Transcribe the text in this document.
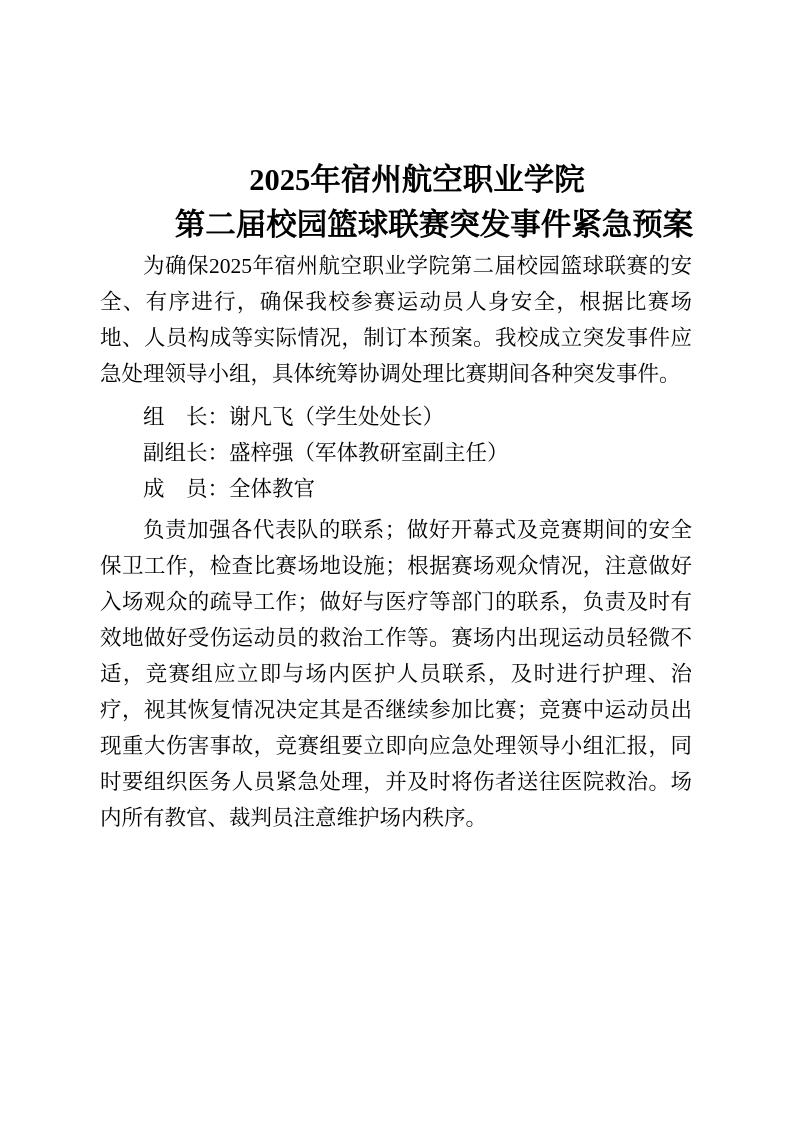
2025年宿州航空职业学院
第二届校园篮球联赛突发事件紧急预案

为确保2025年宿州航空职业学院第二届校园篮球联赛的安全、有序进行，确保我校参赛运动员人身安全，根据比赛场地、人员构成等实际情况，制订本预案。我校成立突发事件应急处理领导小组，具体统筹协调处理比赛期间各种突发事件。

组　长：谢凡飞（学生处处长）

副组长：盛梓强（军体教研室副主任）

成　员：全体教官

负责加强各代表队的联系；做好开幕式及竞赛期间的安全保卫工作，检查比赛场地设施；根据赛场观众情况，注意做好入场观众的疏导工作；做好与医疗等部门的联系，负责及时有效地做好受伤运动员的救治工作等。赛场内出现运动员轻微不适，竞赛组应立即与场内医护人员联系，及时进行护理、治疗，视其恢复情况决定其是否继续参加比赛；竞赛中运动员出现重大伤害事故，竞赛组要立即向应急处理领导小组汇报，同时要组织医务人员紧急处理，并及时将伤者送往医院救治。场内所有教官、裁判员注意维护场内秩序。
